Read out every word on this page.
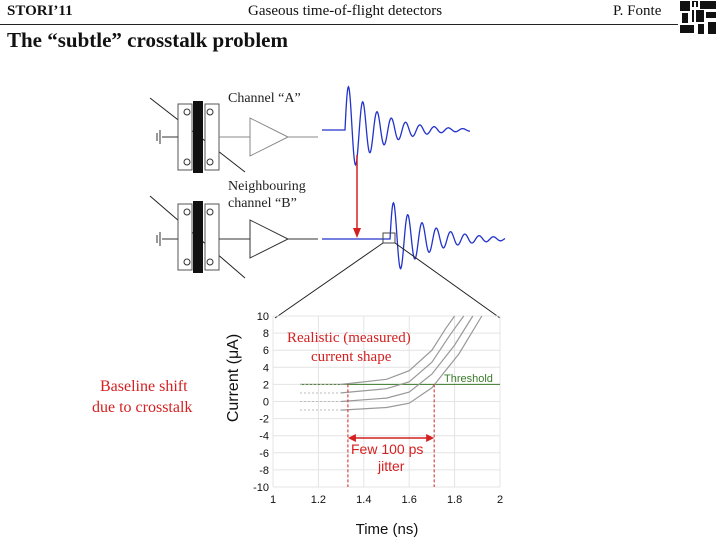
STORI’11	Gaseous time-of-flight detectors	P. Fonte
The “subtle” crosstalk problem
Channel “A”
Neighbouring
channel “B”
Baseline shift
due to crosstalk
1	1.2	1.4	1.6	1.8	2
10
8
6
4
2
0
-2
-4
-6
-8
-10
Time (ns)
Current (μA)	Realistic (measured)
current shape
Threshold
Few 100 ps
jitter
